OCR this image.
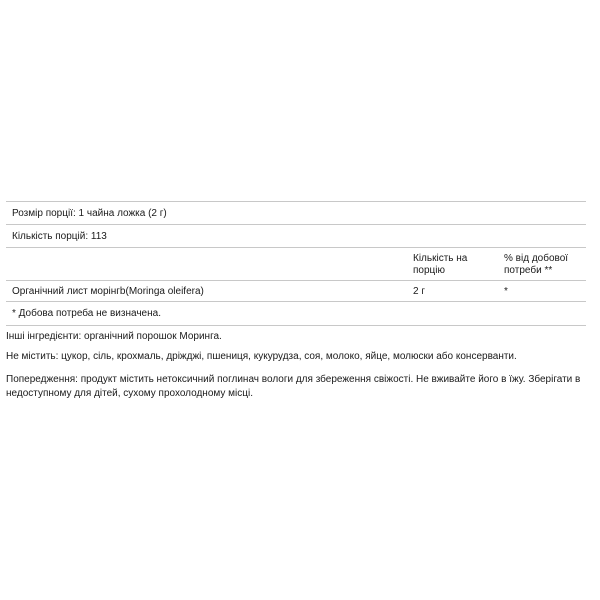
Розмір порції: 1 чайна ложка (2 г)
Кількість порцій: 113
Кількість на порцію
% від добової потреби **
Органічний лист морінгb(Moringa oleifera)	2 г	*
* Добова потреба не визначена.
Інші інгредієнти: органічний порошок Моринга.
Не містить: цукор, сіль, крохмаль, дріжджі, пшениця, кукурудза, соя, молоко, яйце, молюски або консерванти.
Попередження: продукт містить нетоксичний поглинач вологи для збереження свіжості. Не вживайте його в їжу. Зберігати в недоступному для дітей, сухому прохолодному місці.
